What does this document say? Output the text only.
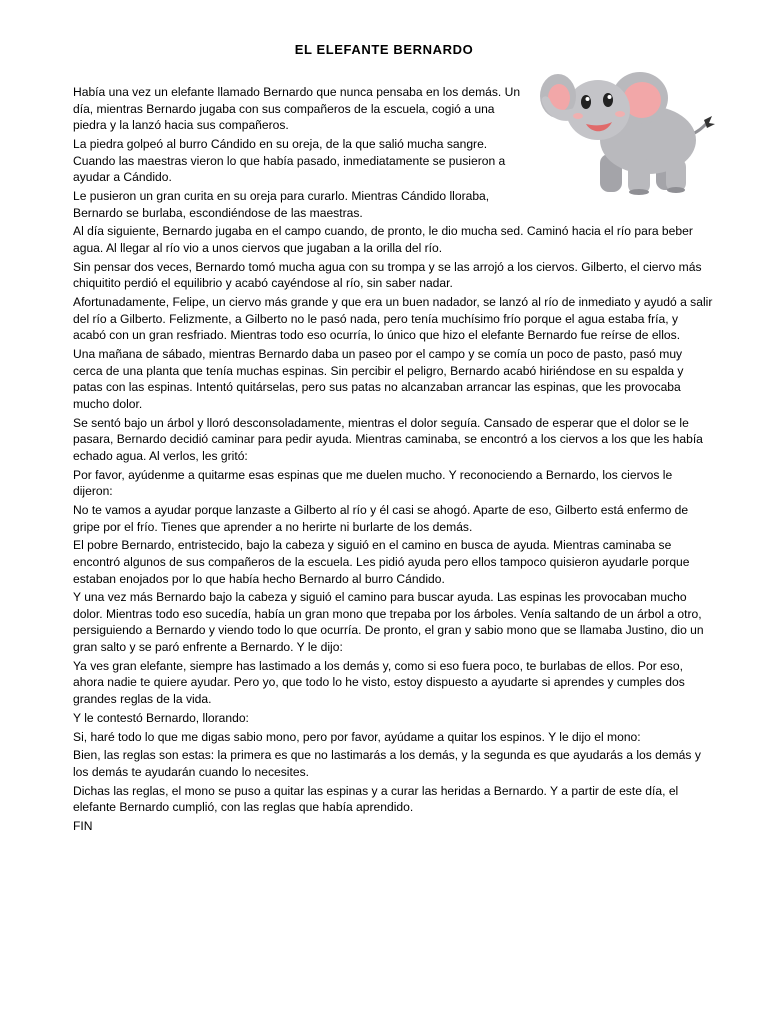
EL ELEFANTE BERNARDO

Había una vez un elefante llamado Bernardo que nunca pensaba en los demás. Un día, mientras Bernardo jugaba con sus compañeros de la escuela, cogió a una piedra y la lanzó hacia sus compañeros.

La piedra golpeó al burro Cándido en su oreja, de la que salió mucha sangre. Cuando las maestras vieron lo que había pasado, inmediatamente se pusieron a ayudar a Cándido.

Le pusieron un gran curita en su oreja para curarlo. Mientras Cándido lloraba, Bernardo se burlaba, escondiéndose de las maestras.

Al día siguiente, Bernardo jugaba en el campo cuando, de pronto, le dio mucha sed. Caminó hacia el río para beber agua. Al llegar al río vio a unos ciervos que jugaban a la orilla del río.

Sin pensar dos veces, Bernardo tomó mucha agua con su trompa y se las arrojó a los ciervos. Gilberto, el ciervo más chiquitito perdió el equilibrio y acabó cayéndose al río, sin saber nadar.

Afortunadamente, Felipe, un ciervo más grande y que era un buen nadador, se lanzó al río de inmediato y ayudó a salir del río a Gilberto. Felizmente, a Gilberto no le pasó nada, pero tenía muchísimo frío porque el agua estaba fría, y acabó con un gran resfriado. Mientras todo eso ocurría, lo único que hizo el elefante Bernardo fue reírse de ellos.

Una mañana de sábado, mientras Bernardo daba un paseo por el campo y se comía un poco de pasto, pasó muy cerca de una planta que tenía muchas espinas. Sin percibir el peligro, Bernardo acabó hiriéndose en su espalda y patas con las espinas. Intentó quitárselas, pero sus patas no alcanzaban arrancar las espinas, que les provocaba mucho dolor.

Se sentó bajo un árbol y lloró desconsoladamente, mientras el dolor seguía. Cansado de esperar que el dolor se le pasara, Bernardo decidió caminar para pedir ayuda. Mientras caminaba, se encontró a los ciervos a los que les había echado agua. Al verlos, les gritó:

Por favor, ayúdenme a quitarme esas espinas que me duelen mucho. Y reconociendo a Bernardo, los ciervos le dijeron:

No te vamos a ayudar porque lanzaste a Gilberto al río y él casi se ahogó. Aparte de eso, Gilberto está enfermo de gripe por el frío. Tienes que aprender a no herirte ni burlarte de los demás.

El pobre Bernardo, entristecido, bajo la cabeza y siguió en el camino en busca de ayuda. Mientras caminaba se encontró algunos de sus compañeros de la escuela. Les pidió ayuda pero ellos tampoco quisieron ayudarle porque estaban enojados por lo que había hecho Bernardo al burro Cándido.

Y una vez más Bernardo bajo la cabeza y siguió el camino para buscar ayuda. Las espinas les provocaban mucho dolor. Mientras todo eso sucedía, había un gran mono que trepaba por los árboles. Venía saltando de un árbol a otro, persiguiendo a Bernardo y viendo todo lo que ocurría. De pronto, el gran y sabio mono que se llamaba Justino, dio un gran salto y se paró enfrente a Bernardo. Y le dijo:

Ya ves gran elefante, siempre has lastimado a los demás y, como si eso fuera poco, te burlabas de ellos. Por eso, ahora nadie te quiere ayudar. Pero yo, que todo lo he visto, estoy dispuesto a ayudarte si aprendes y cumples dos grandes reglas de la vida.

Y le contestó Bernardo, llorando:

Si, haré todo lo que me digas sabio mono, pero por favor, ayúdame a quitar los espinos. Y le dijo el mono:

Bien, las reglas son estas: la primera es que no lastimarás a los demás, y la segunda es que ayudarás a los demás y los demás te ayudarán cuando lo necesites.

Dichas las reglas, el mono se puso a quitar las espinas y a curar las heridas a Bernardo. Y a partir de este día, el elefante Bernardo cumplió, con las reglas que había aprendido.

FIN
